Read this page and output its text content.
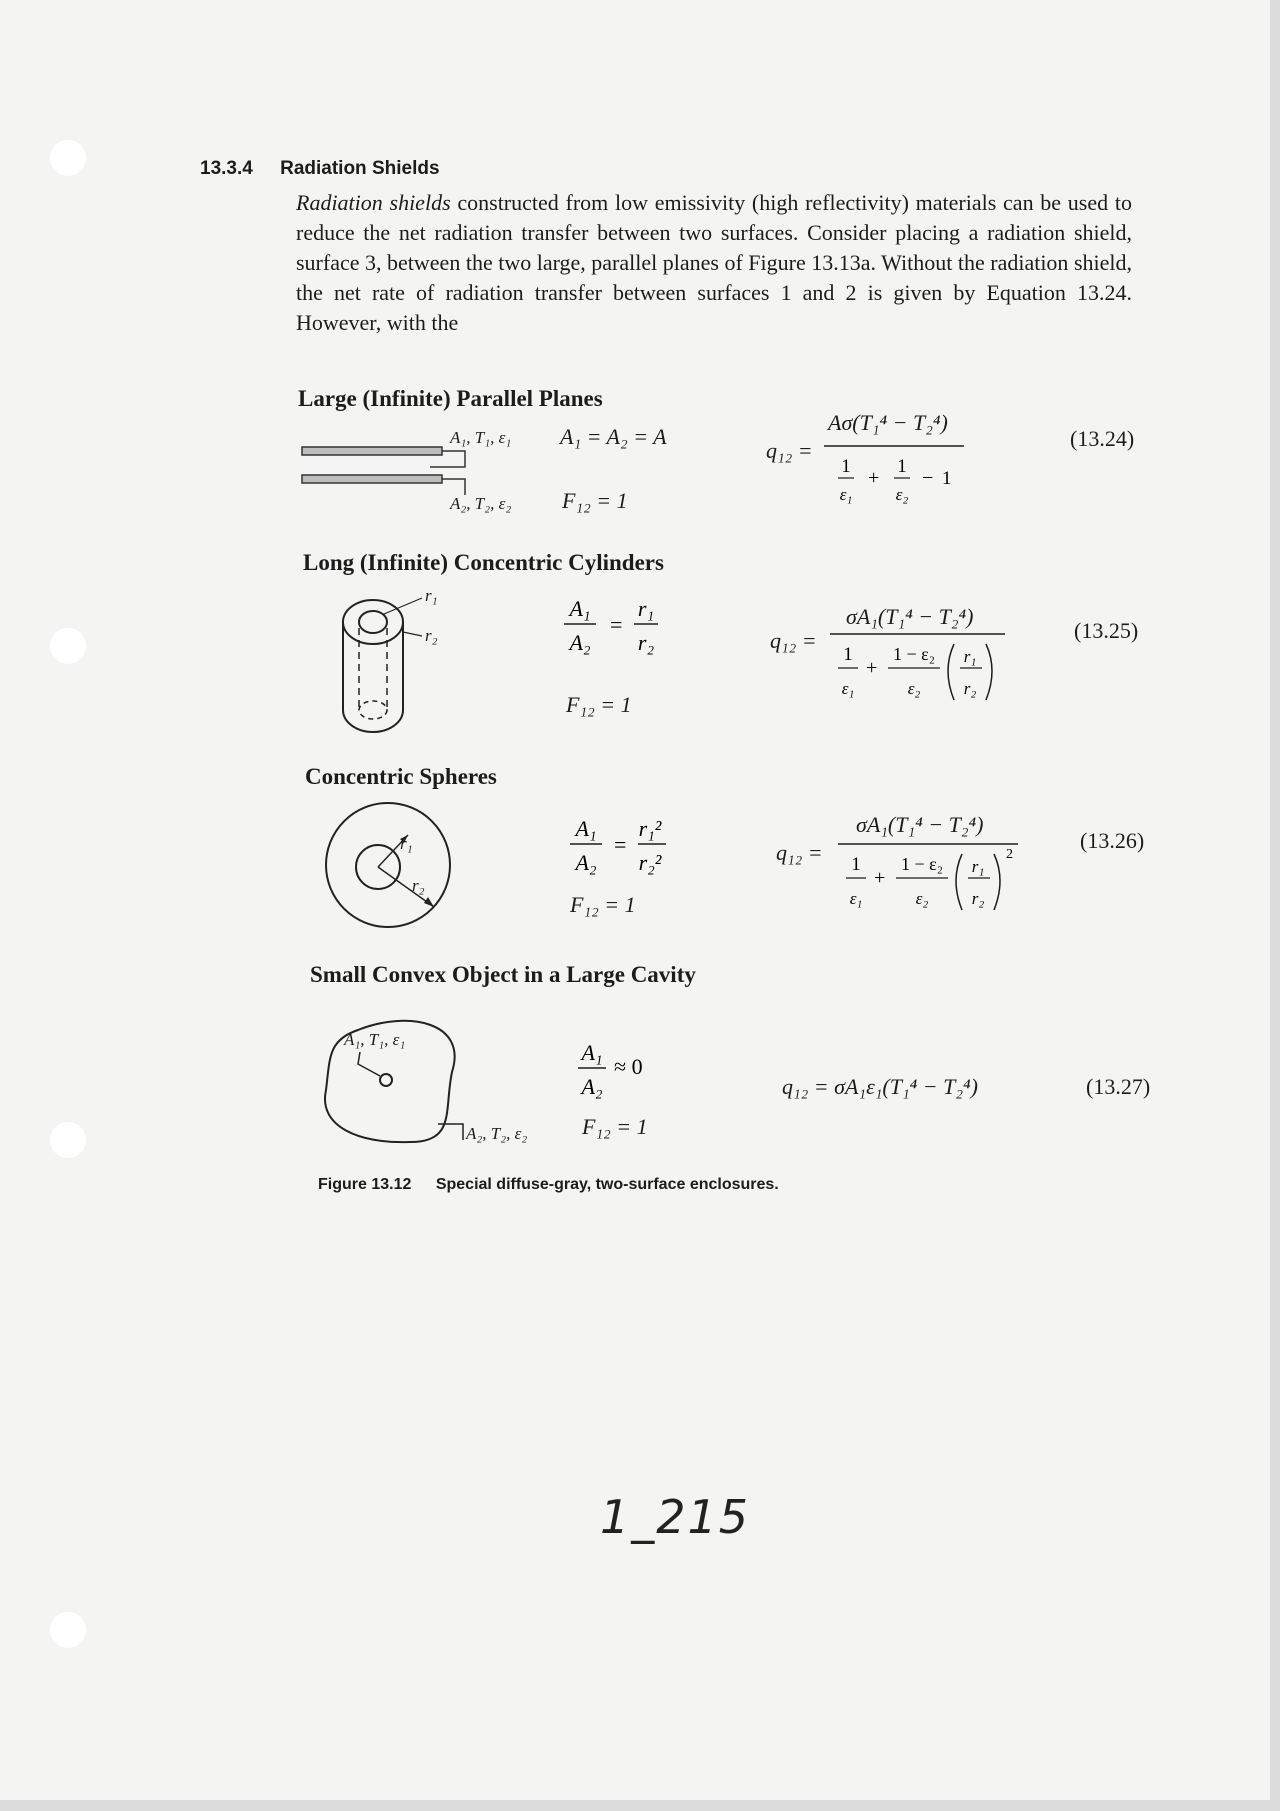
13.3.4 Radiation Shields
Radiation shields constructed from low emissivity (high reflectivity) materials can be used to reduce the net radiation transfer between two surfaces. Consider placing a radiation shield, surface 3, between the two large, parallel planes of Figure 13.13a. Without the radiation shield, the net rate of radiation transfer between surfaces 1 and 2 is given by Equation 13.24. However, with the
Large (Infinite) Parallel Planes
A₁, T₁, ε₁
A₂, T₂, ε₂
A₁ = A₂ = A
F₁₂ = 1
q₁₂ =
Aσ(T₁⁴ − T₂⁴)
1
ε₁
+
1
ε₂
− 1
(13.24)
Long (Infinite) Concentric Cylinders
r₁
r₂
A₁
A₂
=
r₁
r₂
F₁₂ = 1
q₁₂ =
σA₁(T₁⁴ − T₂⁴)
1
ε₁
+
1 − ε₂
ε₂
r₁
r₂
(13.25)
Concentric Spheres
r₁
r₂
A₁
A₂
=
r₁²
r₂²
F₁₂ = 1
q₁₂ =
σA₁(T₁⁴ − T₂⁴)
1
ε₁
+
1 − ε₂
ε₂
r₁
r₂
2
(13.26)
Small Convex Object in a Large Cavity
A₁, T₁, ε₁
A₂, T₂, ε₂
A₁
A₂
≈ 0
F₁₂ = 1
q₁₂ = σA₁ε₁(T₁⁴ − T₂⁴)	(13.27)
Figure 13.12 Special diffuse-gray, two-surface enclosures.
1_215
